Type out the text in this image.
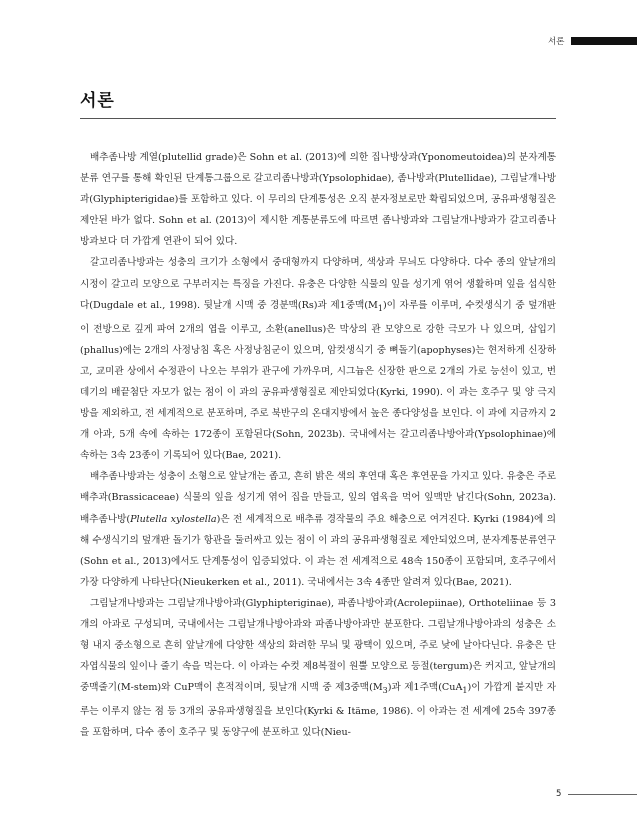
서론
서론

배추좀나방 계열(plutellid grade)은 Sohn et al. (2013)에 의한 집나방상과(Yponomeutoidea)의 분자계통분류 연구를 통해 확인된 단계통그룹으로 갈고리좀나방과(Ypsolophidae), 좀나방과(Plutellidae), 그림날개나방과(Glyphipterigidae)를 포함하고 있다. 이 무리의 단계통성은 오직 분자정보로만 확립되었으며, 공유파생형질은 제안된 바가 없다. Sohn et al. (2013)이 제시한 계통분류도에 따르면 좀나방과와 그림날개나방과가 갈고리좀나방과보다 더 가깝게 연관이 되어 있다.

갈고리좀나방과는 성충의 크기가 소형에서 중대형까지 다양하며, 색상과 무늬도 다양하다. 다수 종의 앞날개의 시정이 갈고리 모양으로 구부러지는 특징을 가진다. 유충은 다양한 식물의 잎을 성기게 엮어 생활하며 잎을 섭식한다(Dugdale et al., 1998). 뒷날개 시맥 중 경분맥(Rs)과 제1중맥$(M_1)$이 자루를 이루며, 수컷생식기 중 덮개판이 전방으로 깊게 파여 2개의 엽을 이루고, 소환(anellus)은 막상의 관 모양으로 강한 극모가 나 있으며, 삽입기(phallus)에는 2개의 사정낭침 혹은 사정낭침군이 있으며, 암컷생식기 중 뼈돌기(apophyses)는 현저하게 신장하고, 교미관 상에서 수정관이 나오는 부위가 관구에 가까우며, 시그늄은 신장한 판으로 2개의 가로 능선이 있고, 번데기의 배끝첨단 자모가 없는 점이 이 과의 공유파생형질로 제안되었다(Kyrki, 1990). 이 과는 호주구 및 양 극지방을 제외하고, 전 세계적으로 분포하며, 주로 북반구의 온대지방에서 높은 종다양성을 보인다. 이 과에 지금까지 2개 아과, 5개 속에 속하는 172종이 포함된다(Sohn, 2023b). 국내에서는 갈고리좀나방아과(Ypsolophinae)에 속하는 3속 23종이 기록되어 있다(Bae, 2021).

배추좀나방과는 성충이 소형으로 앞날개는 좁고, 흔히 밝은 색의 후연대 혹은 후연문을 가지고 있다. 유충은 주로 배추과(Brassicaceae) 식물의 잎을 성기게 엮어 집을 만들고, 잎의 엽육을 먹어 잎맥만 남긴다(Sohn, 2023a). 배추좀나방(Plutella xylostella)은 전 세계적으로 배추류 경작물의 주요 해충으로 여겨진다. Kyrki (1984)에 의해 수생식기의 덮개판 돌기가 항관을 둘러싸고 있는 점이 이 과의 공유파생형질로 제안되었으며, 분자계통분류연구(Sohn et al., 2013)에서도 단계통성이 입증되었다. 이 과는 전 세계적으로 48속 150종이 포함되며, 호주구에서 가장 다양하게 나타난다(Nieukerken et al., 2011). 국내에서는 3속 4종만 알려져 있다(Bae, 2021).

그림날개나방과는 그림날개나방아과(Glyphipteriginae), 파좀나방아과(Acrolepiinae), Orthoteliinae 등 3개의 아과로 구성되며, 국내에서는 그림날개나방아과와 파좀나방아과만 분포한다. 그림날개나방아과의 성충은 소형 내지 중소형으로 흔히 앞날개에 다양한 색상의 화려한 무늬 및 광택이 있으며, 주로 낮에 날아다닌다. 유충은 단자엽식물의 잎이나 줄기 속을 먹는다. 이 아과는 수컷 제8복절이 원뿔 모양으로 등절(tergum)은 커지고, 앞날개의 중맥줄기(M-stem)와 CuP맥이 흔적적이며, 뒷날개 시맥 중 제3중맥$(M_3)$과 제1주맥(CuA$_1$)이 가깝게 붙지만 자루는 이루지 않는 점 등 3개의 공유파생형질을 보인다(Kyrki & Itäme, 1986). 이 아과는 전 세계에 25속 397종을 포함하며, 다수 종이 호주구 및 동양구에 분포하고 있다(Nieu-

5
